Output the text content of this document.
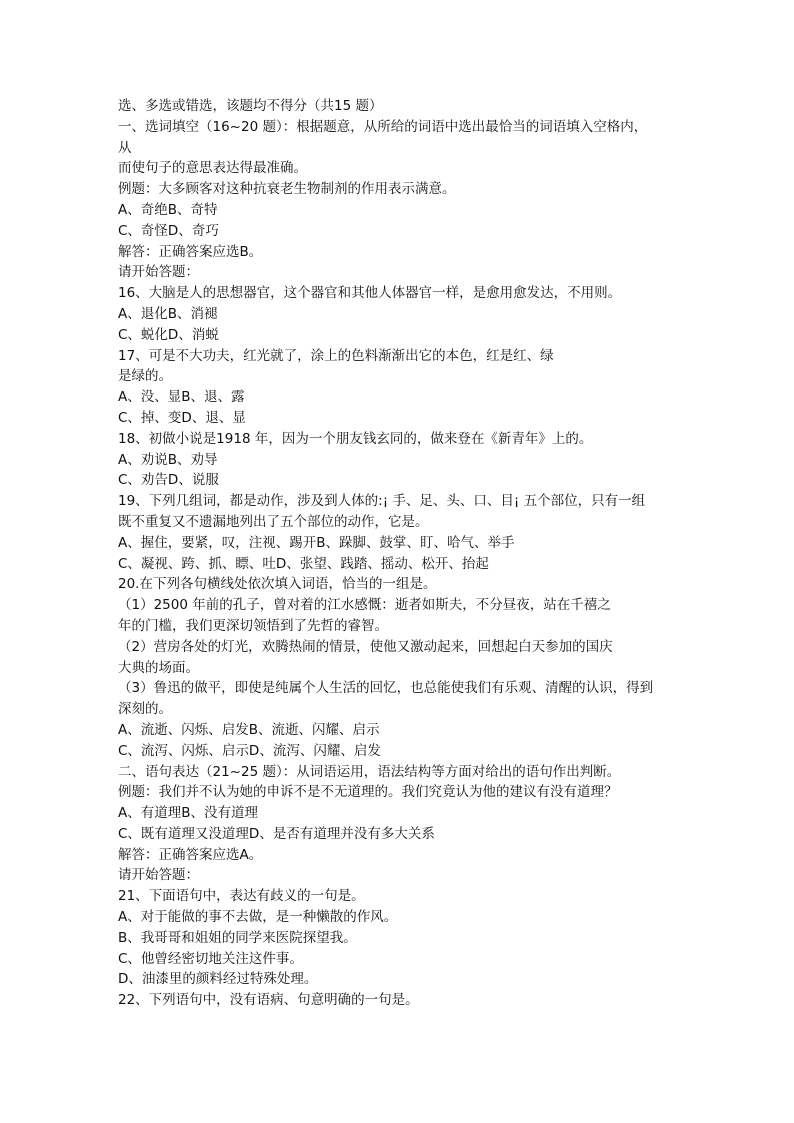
选、多选或错选，该题均不得分（共15 题）
一、选词填空（16~20 题）：根据题意，从所给的词语中选出最恰当的词语填入空格内，
从
而使句子的意思表达得最准确。
例题：大多顾客对这种抗衰老生物制剂的作用表示满意。
A、奇绝B、奇特
C、奇怪D、奇巧
解答：正确答案应选B。
请开始答题：
16、大脑是人的思想器官，这个器官和其他人体器官一样，是愈用愈发达，不用则。
A、退化B、消褪
C、蜕化D、消蜕
17、可是不大功夫，红光就了，涂上的色料渐渐出它的本色，红是红、绿
是绿的。
A、没、显B、退、露
C、掉、变D、退、显
18、初做小说是1918 年，因为一个朋友钱玄同的，做来登在《新青年》上的。
A、劝说B、劝导
C、劝告D、说服
19、下列几组词，都是动作，涉及到人体的:¡ 手、足、头、口、目¡ 五个部位，只有一组
既不重复又不遗漏地列出了五个部位的动作，它是。
A、握住，要紧，叹，注视、踢开B、跺脚、鼓掌、盯、哈气、举手
C、凝视、跨、抓、瞟、吐D、张望、践踏、摇动、松开、抬起
20.在下列各句横线处依次填入词语，恰当的一组是。
（1）2500 年前的孔子，曾对着的江水感慨：逝者如斯夫，不分昼夜，站在千禧之
年的门槛，我们更深切领悟到了先哲的睿智。
（2）营房各处的灯光，欢腾热闹的情景，使他又激动起来，回想起白天参加的国庆
大典的场面。
（3）鲁迅的做平，即使是纯属个人生活的回忆，也总能使我们有乐观、清醒的认识，得到
深刻的。
A、流逝、闪烁、启发B、流逝、闪耀、启示
C、流泻、闪烁、启示D、流泻、闪耀、启发
二、语句表达（21~25 题）：从词语运用，语法结构等方面对给出的语句作出判断。
例题：我们并不认为她的申诉不是不无道理的。我们究竟认为他的建议有没有道理？
A、有道理B、没有道理
C、既有道理又没道理D、是否有道理并没有多大关系
解答：正确答案应选A。
请开始答题：
21、下面语句中，表达有歧义的一句是。
A、对于能做的事不去做，是一种懒散的作风。
B、我哥哥和姐姐的同学来医院探望我。
C、他曾经密切地关注这件事。
D、油漆里的颜料经过特殊处理。
22、下列语句中，没有语病、句意明确的一句是。
